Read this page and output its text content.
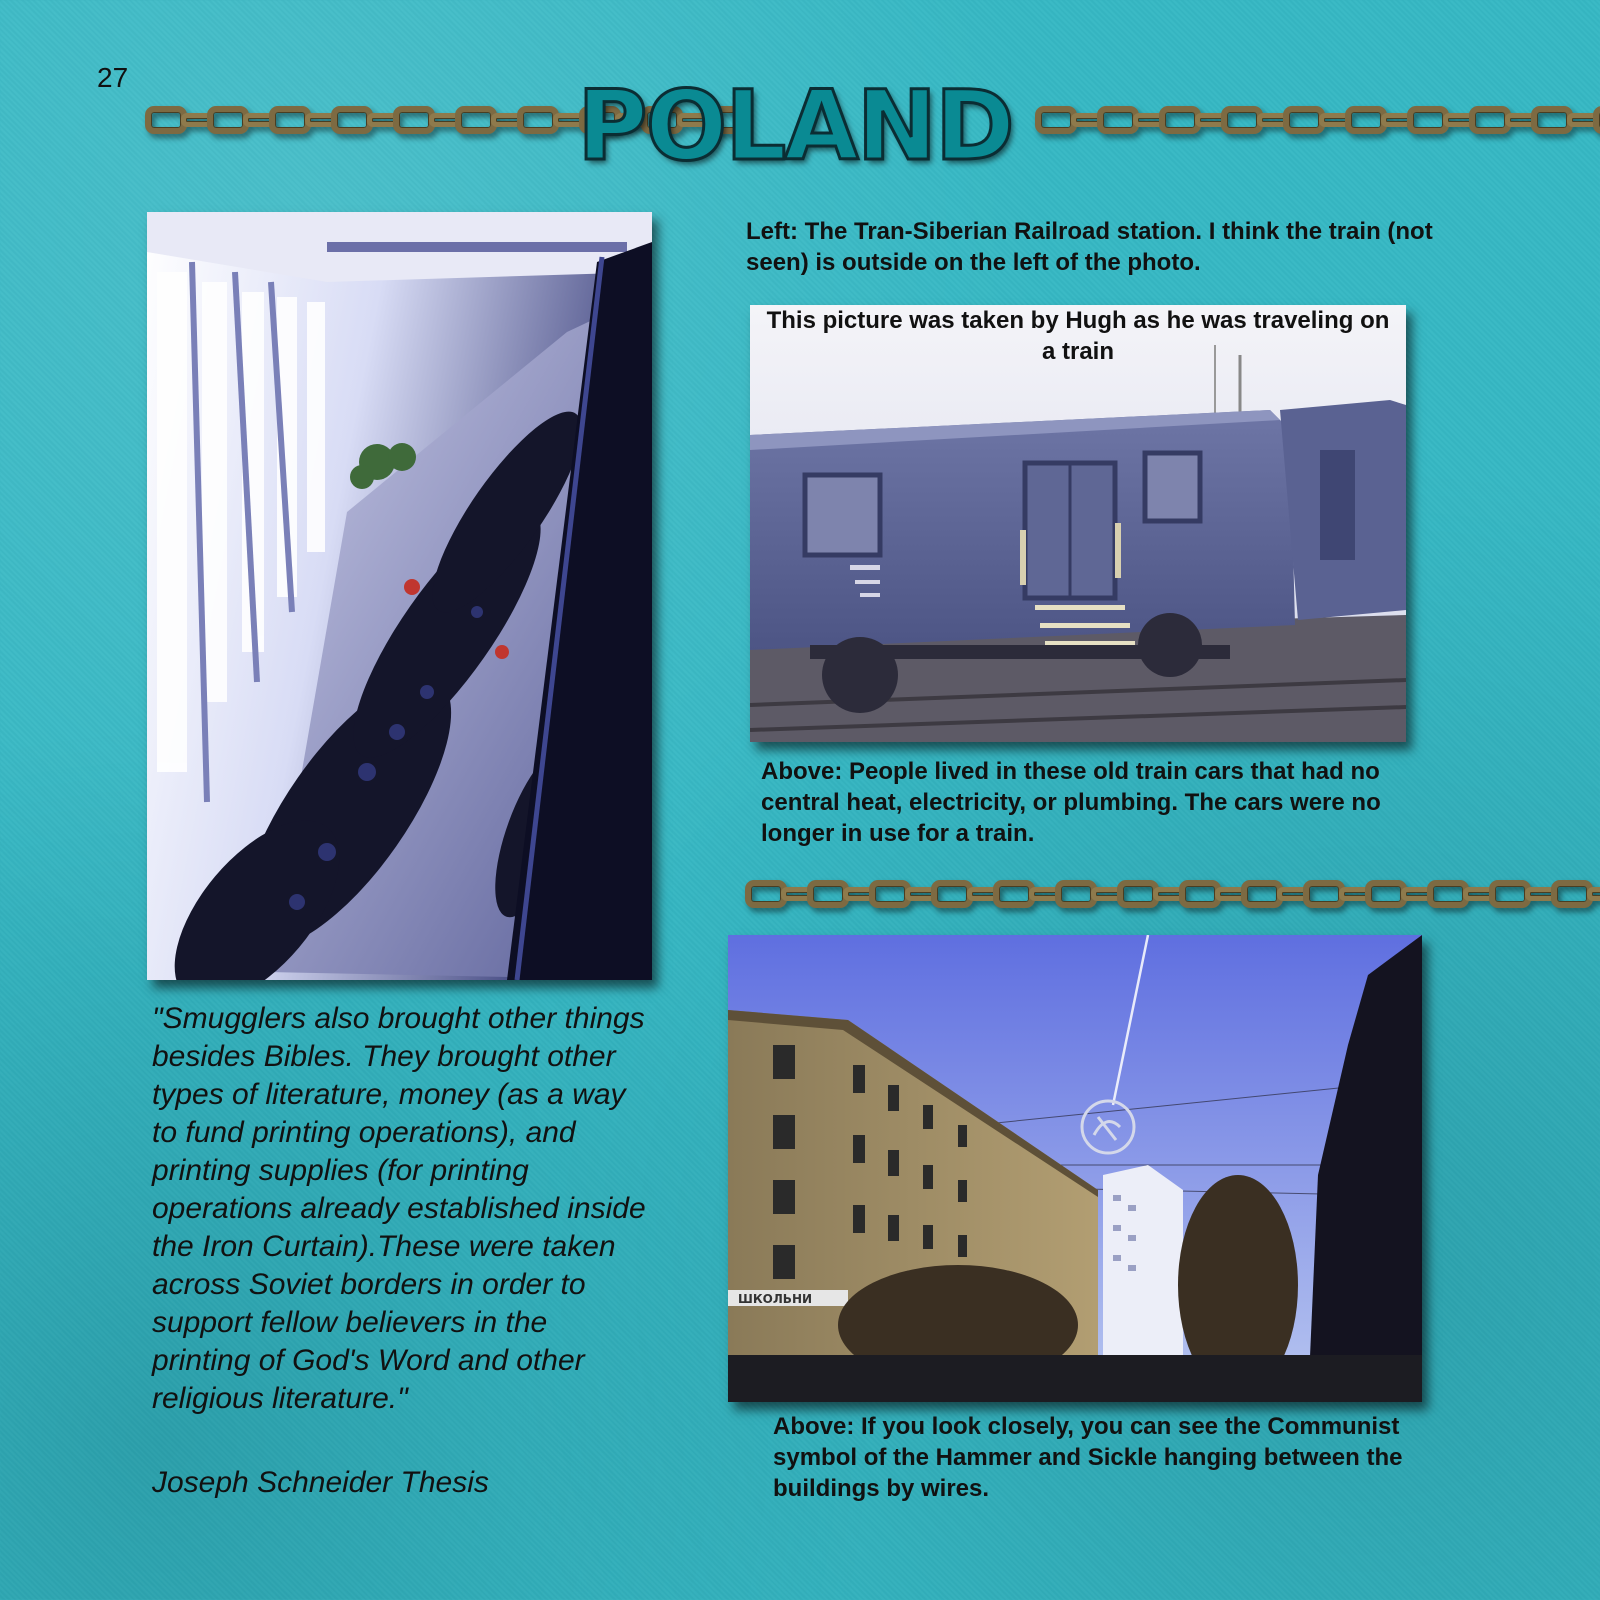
27	POLAND
"Smugglers also brought other things besides Bibles. They brought other types of literature, money (as a way to fund printing operations), and printing supplies (for printing operations already established inside the Iron Curtain).These were taken across Soviet borders in order to support fellow believers in the printing of God's Word and other religious literature."
Joseph Schneider Thesis
Left: The Tran-Siberian Railroad station. I think the train (not seen) is outside on the left of the photo.
This picture was taken by Hugh as he was traveling on a train
Above: People lived in these old train cars that had no central heat, electricity, or plumbing. The cars were no longer in use for a train.
ШКОЛЬНИ
Above: If you look closely, you can see the Communist symbol of the Hammer and Sickle hanging between the buildings by wires.
